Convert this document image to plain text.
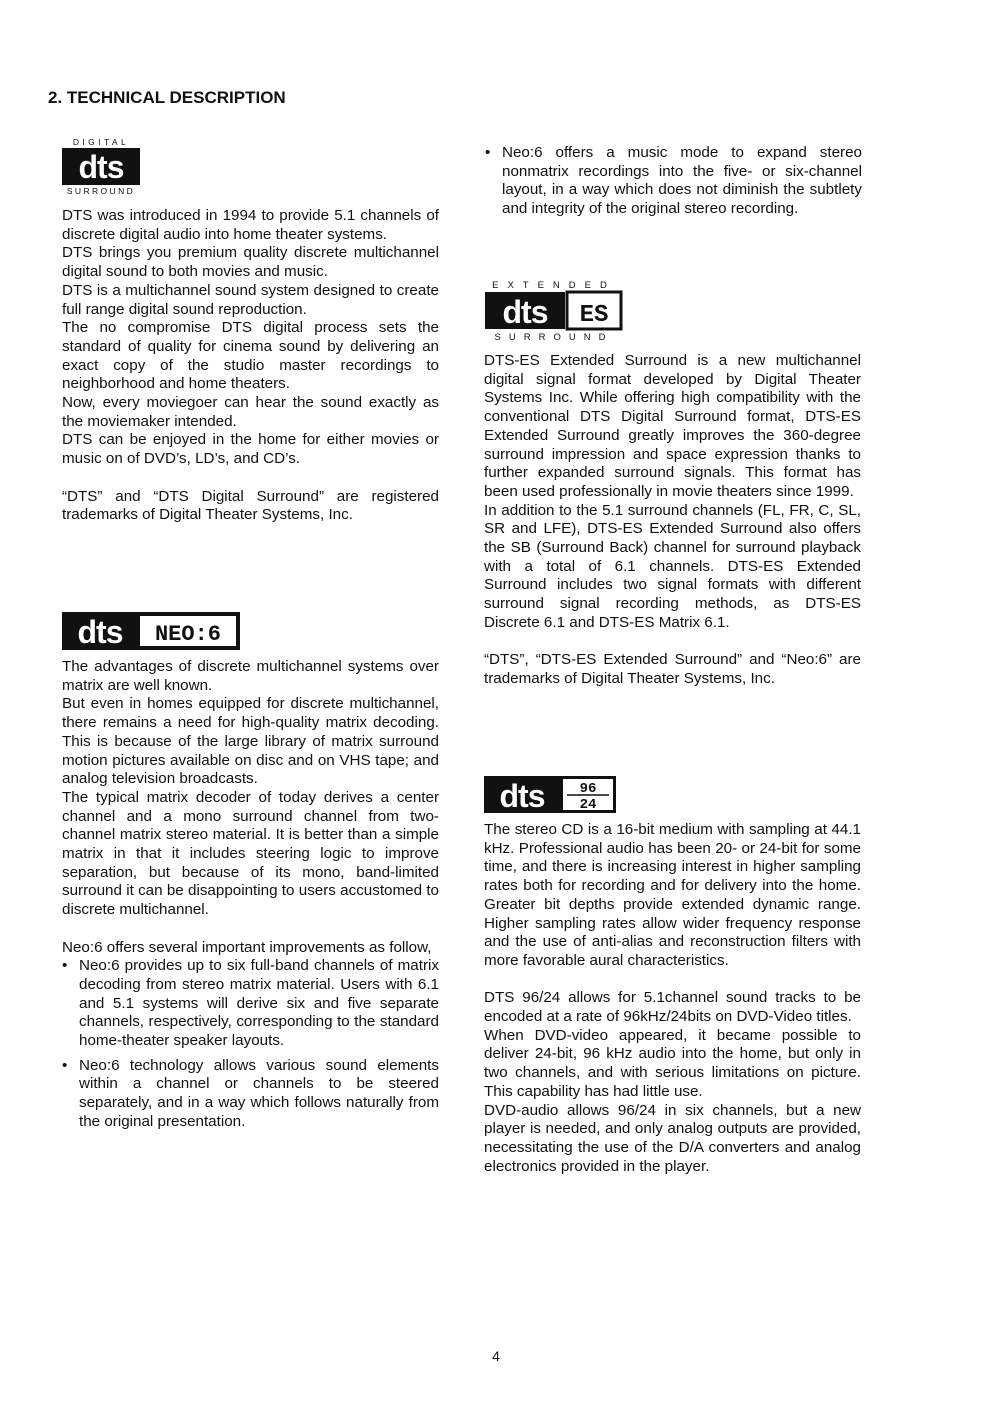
2. TECHNICAL DESCRIPTION
DIGITAL
dts
SURROUND

DTS was introduced in 1994 to provide 5.1 channels of discrete digital audio into home theater systems.

DTS brings you premium quality discrete multichannel digital sound to both movies and music.

DTS is a multichannel sound system designed to create full range digital sound reproduction.

The no compromise DTS digital process sets the standard of quality for cinema sound by delivering an exact copy of the studio master recordings to neighborhood and home theaters.

Now, every moviegoer can hear the sound exactly as the moviemaker intended.

DTS can be enjoyed in the home for either movies or music on of DVD’s, LD’s, and CD’s.

“DTS” and “DTS Digital Surround” are registered trademarks of Digital Theater Systems, Inc.

dts NEO:6

The advantages of discrete multichannel systems over matrix are well known.

But even in homes equipped for discrete multichannel, there remains a need for high-quality matrix decoding. This is because of the large library of matrix surround motion pictures available on disc and on VHS tape; and analog television broadcasts.

The typical matrix decoder of today derives a center channel and a mono surround channel from two-channel matrix stereo material. It is better than a simple matrix in that it includes steering logic to improve separation, but because of its mono, band-limited surround it can be disappointing to users accustomed to discrete multichannel.

Neo:6 offers several important improvements as follow,

• Neo:6 provides up to six full-band channels of matrix decoding from stereo matrix material. Users with 6.1 and 5.1 systems will derive six and five separate channels, respectively, corresponding to the standard home-theater speaker layouts.
• Neo:6 technology allows various sound elements within a channel or channels to be steered separately, and in a way which follows naturally from the original presentation.
• Neo:6 offers a music mode to expand stereo nonmatrix recordings into the five- or six-channel layout, in a way which does not diminish the subtlety and integrity of the original stereo recording.
EXTENDED
dts ES
SURROUND

DTS-ES Extended Surround is a new multichannel digital signal format developed by Digital Theater Systems Inc. While offering high compatibility with the conventional DTS Digital Surround format, DTS-ES Extended Surround greatly improves the 360-degree surround impression and space expression thanks to further expanded surround signals. This format has been used professionally in movie theaters since 1999.

In addition to the 5.1 surround channels (FL, FR, C, SL, SR and LFE), DTS-ES Extended Surround also offers the SB (Surround Back) channel for surround playback with a total of 6.1 channels. DTS-ES Extended Surround includes two signal formats with different surround signal recording methods, as DTS-ES Discrete 6.1 and DTS-ES Matrix 6.1.

“DTS”, “DTS-ES Extended Surround” and “Neo:6” are trademarks of Digital Theater Systems, Inc.

dts	96
24

The stereo CD is a 16-bit medium with sampling at 44.1 kHz. Professional audio has been 20- or 24-bit for some time, and there is increasing interest in higher sampling rates both for recording and for delivery into the home. Greater bit depths provide extended dynamic range. Higher sampling rates allow wider frequency response and the use of anti-alias and reconstruction filters with more favorable aural characteristics.

DTS 96/24 allows for 5.1channel sound tracks to be encoded at a rate of 96kHz/24bits on DVD-Video titles.

When DVD-video appeared, it became possible to deliver 24-bit, 96 kHz audio into the home, but only in two channels, and with serious limitations on picture. This capability has had little use.

DVD-audio allows 96/24 in six channels, but a new player is needed, and only analog outputs are provided, necessitating the use of the D/A converters and analog electronics provided in the player.

4
